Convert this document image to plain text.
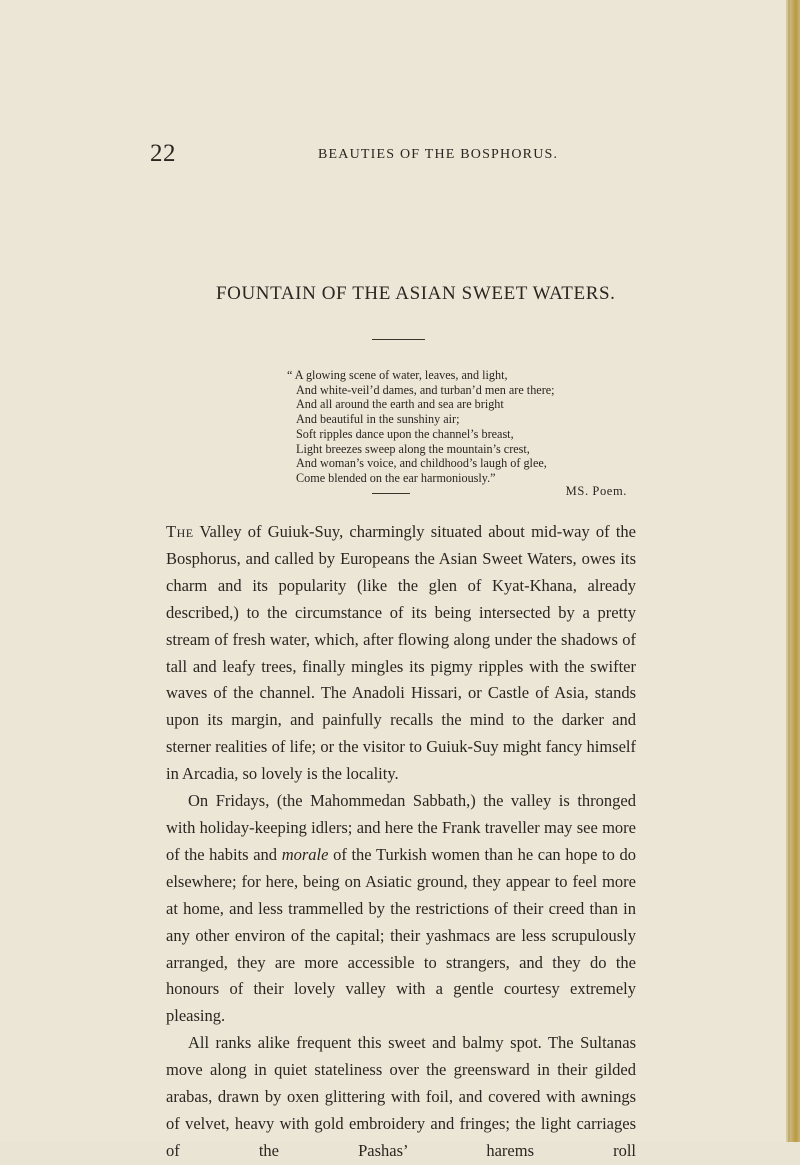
22	BEAUTIES OF THE BOSPHORUS.
FOUNTAIN OF THE ASIAN SWEET WATERS.
“ A glowing scene of water, leaves, and light,
And white-veil’d dames, and turban’d men are there;
And all around the earth and sea are bright
And beautiful in the sunshiny air;
Soft ripples dance upon the channel’s breast,
Light breezes sweep along the mountain’s crest,
And woman’s voice, and childhood’s laugh of glee,
Come blended on the ear harmoniously.”
MS. Poem.

The Valley of Guiuk-Suy, charmingly situated about mid-way of the Bosphorus, and called by Europeans the Asian Sweet Waters, owes its charm and its popularity (like the glen of Kyat-Khana, already described,) to the circumstance of its being intersected by a pretty stream of fresh water, which, after flowing along under the shadows of tall and leafy trees, finally mingles its pigmy ripples with the swifter waves of the channel. The Anadoli Hissari, or Castle of Asia, stands upon its margin, and painfully recalls the mind to the darker and sterner realities of life; or the visitor to Guiuk-Suy might fancy himself in Arcadia, so lovely is the locality.

On Fridays, (the Mahommedan Sabbath,) the valley is thronged with holiday-keeping idlers; and here the Frank traveller may see more of the habits and morale of the Turkish women than he can hope to do elsewhere; for here, being on Asiatic ground, they appear to feel more at home, and less trammelled by the restrictions of their creed than in any other environ of the capital; their yashmacs are less scrupulously arranged, they are more accessible to strangers, and they do the honours of their lovely valley with a gentle courtesy extremely pleasing.

All ranks alike frequent this sweet and balmy spot. The Sultanas move along in quiet stateliness over the greensward in their gilded arabas, drawn by oxen glittering with foil, and covered with awnings of velvet, heavy with gold embroidery and fringes; the light carriages of the Pashas’ harems roll
